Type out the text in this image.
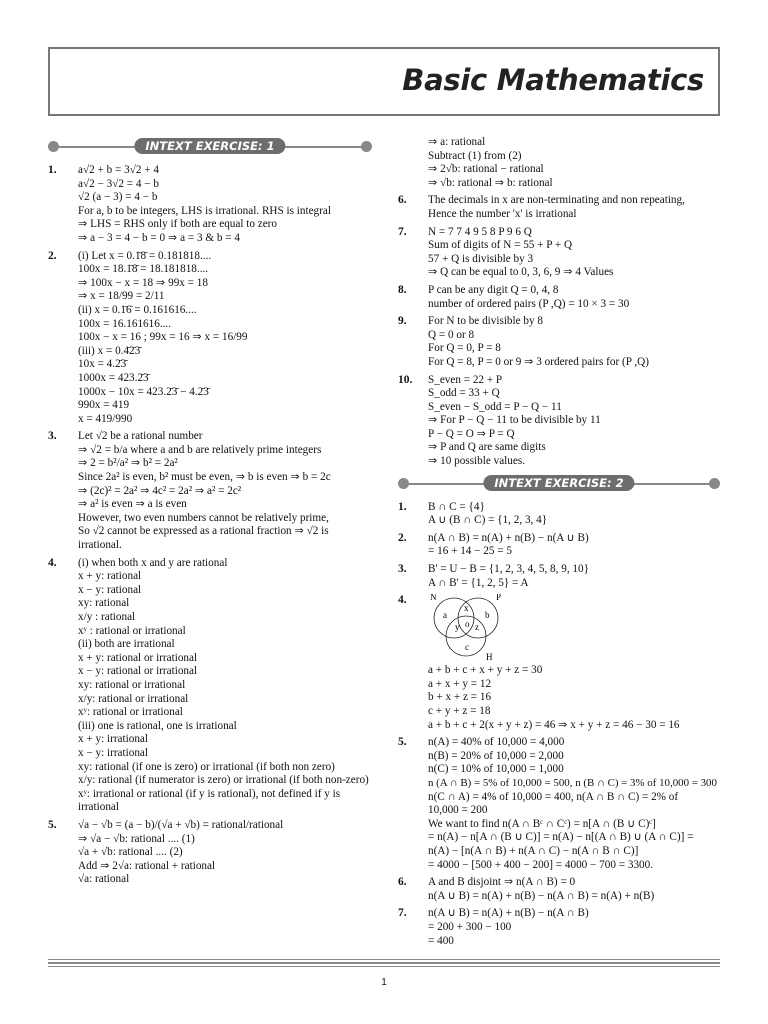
Basic Mathematics
INTEXT EXERCISE: 1
1. a√2 + b = 3√2 + 4
a√2 − 3√2 = 4 − b
√2 (a − 3) = 4 − b
For a, b to be integers, LHS is irrational. RHS is integral
⇒ LHS = RHS only if both are equal to zero
⇒ a − 3 = 4 − b = 0 ⇒ a = 3 & b = 4
2. (i) Let x = 0.1̄8̄ = 0.181818....
100x = 18.1̄8̄ = 18.181818....
⇒ 100x − x = 18 ⇒ 99x = 18
⇒ x = 18/99 = 2/11
(ii) x = 0.1̄6̄ = 0.161616....
100x = 16.161616....
100x − x = 16 ; 99x = 16 ⇒ x = 16/99
(iii) x = 0.4̄2̄3̄
10x = 4.2̄3̄
1000x = 423.2̄3̄
1000x − 10x = 423.2̄3̄ − 4.2̄3̄
990x = 419
x = 419/990
3. Let √2 be a rational number
⇒ √2 = b/a where a and b are relatively prime integers
⇒ 2 = b²/a² ⇒ b² = 2a²
Since 2a² is even, b² must be even, ⇒ b is even ⇒ b = 2c
⇒ (2c)² = 2a² ⇒ 4c² = 2a² ⇒ a² = 2c²
⇒ a² is even ⇒ a is even
However, two even numbers cannot be relatively prime,
So √2 cannot be expressed as a rational fraction ⇒ √2 is
irrational.
4. (i) when both x and y are rational
x + y: rational
x − y: rational
xy: rational
x/y : rational
xʸ : rational or irrational
(ii) both are irrational
x + y: rational or irrational
x − y: rational or irrational
xy: rational or irrational
x/y: rational or irrational
xʸ: rational or irrational
(iii) one is rational, one is irrational
x + y: irrational
x − y: irrational
xy: rational (if one is zero) or irrational (if both non zero)
x/y: rational (if numerator is zero) or irrational (if both non-zero)
xʸ: irrational or rational (if y is rational), not defined if y is
irrational
5. √a − √b = (a − b)/(√a + √b) = rational/rational
⇒ √a − √b: rational .... (1)
√a + √b: rational .... (2)
Add ⇒ 2√a: rational + rational
√a: rational
⇒ a: rational
Subtract (1) from (2)
⇒ 2√b: rational − rational
⇒ √b: rational ⇒ b: rational
6. The decimals in x are non-terminating and non repeating,
Hence the number 'x' is irrational
7. N = 7 7 4 9 5 8 P 9 6 Q
Sum of digits of N = 55 + P + Q
57 + Q is divisible by 3
⇒ Q can be equal to 0, 3, 6, 9 ⇒ 4 Values
8. P can be any digit Q = 0, 4, 8
number of ordered pairs (P ,Q) = 10 × 3 = 30
9. For N to be divisible by 8
Q = 0 or 8
For Q = 0, P = 8
For Q = 8, P = 0 or 9 ⇒ 3 ordered pairs for (P ,Q)
10. S_even = 22 + P
S_odd = 33 + Q
S_even − S_odd = P − Q − 11
⇒ For P − Q − 11 to be divisible by 11
P − Q = O ⇒ P = Q
⇒ P and Q are same digits
⇒ 10 possible values.
INTEXT EXERCISE: 2
1. B ∩ C = {4}
A ∪ (B ∩ C) = {1, 2, 3, 4}
2. n(A ∩ B) = n(A) + n(B) − n(A ∪ B)
= 16 + 14 − 25 = 5
3. B' = U − B = {1, 2, 3, 4, 5, 8, 9, 10}
A ∩ B' = {1, 2, 5} = A
4.	N	P
H
a	b
c
x
y z
o
a + b + c + x + y + z = 30
a + x + y = 12
b + x + z = 16
c + y + z = 18
a + b + c + 2(x + y + z) = 46 ⇒ x + y + z = 46 − 30 = 16
5. n(A) = 40% of 10,000 = 4,000
n(B) = 20% of 10,000 = 2,000
n(C) = 10% of 10,000 = 1,000
n (A ∩ B) = 5% of 10,000 = 500, n (B ∩ C) = 3% of 10,000 = 300
n(C ∩ A) = 4% of 10,000 = 400, n(A ∩ B ∩ C) = 2% of
10,000 = 200
We want to find n(A ∩ Bᶜ ∩ Cᶜ) = n[A ∩ (B ∪ C)ᶜ]
= n(A) − n[A ∩ (B ∪ C)] = n(A) − n[(A ∩ B) ∪ (A ∩ C)] =
n(A) − [n(A ∩ B) + n(A ∩ C) − n(A ∩ B ∩ C)]
= 4000 − [500 + 400 − 200] = 4000 − 700 = 3300.
6. A and B disjoint ⇒ n(A ∩ B) = 0
n(A ∪ B) = n(A) + n(B) − n(A ∩ B) = n(A) + n(B)
7. n(A ∪ B) = n(A) + n(B) − n(A ∩ B)
= 200 + 300 − 100
= 400
1
